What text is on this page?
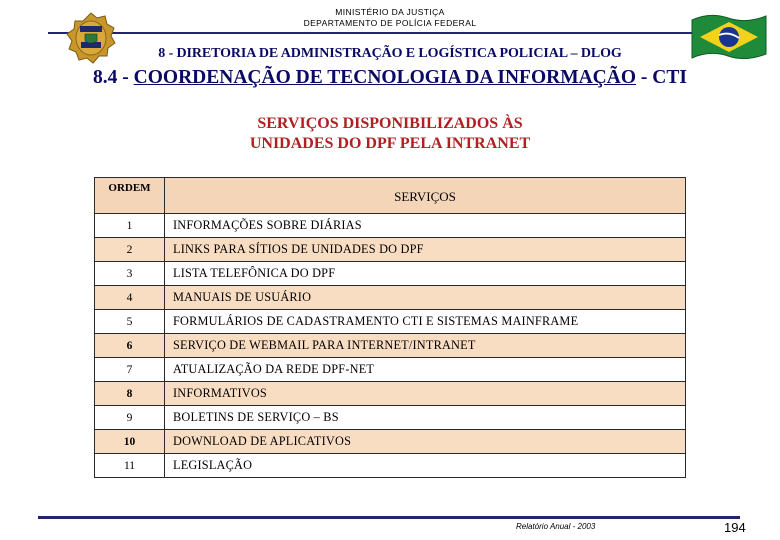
MINISTÉRIO DA JUSTIÇA
DEPARTAMENTO DE POLÍCIA FEDERAL
8 - DIRETORIA DE ADMINISTRAÇÃO E LOGÍSTICA POLICIAL – DLOG
8.4 - COORDENAÇÃO DE TECNOLOGIA DA INFORMAÇÃO - CTI
SERVIÇOS DISPONIBILIZADOS ÀS
UNIDADES DO DPF PELA INTRANET
ORDEM	SERVIÇOS
1	INFORMAÇÕES SOBRE DIÁRIAS
2	LINKS PARA SÍTIOS DE UNIDADES DO DPF
3	LISTA TELEFÔNICA DO DPF
4	MANUAIS DE USUÁRIO
5	FORMULÁRIOS DE CADASTRAMENTO CTI E SISTEMAS MAINFRAME
6	SERVIÇO DE WEBMAIL PARA INTERNET/INTRANET
7	ATUALIZAÇÃO DA REDE DPF-NET
8	INFORMATIVOS
9	BOLETINS DE SERVIÇO – BS
10	DOWNLOAD DE APLICATIVOS
11	LEGISLAÇÃO
Relatório Anual - 2003	194
